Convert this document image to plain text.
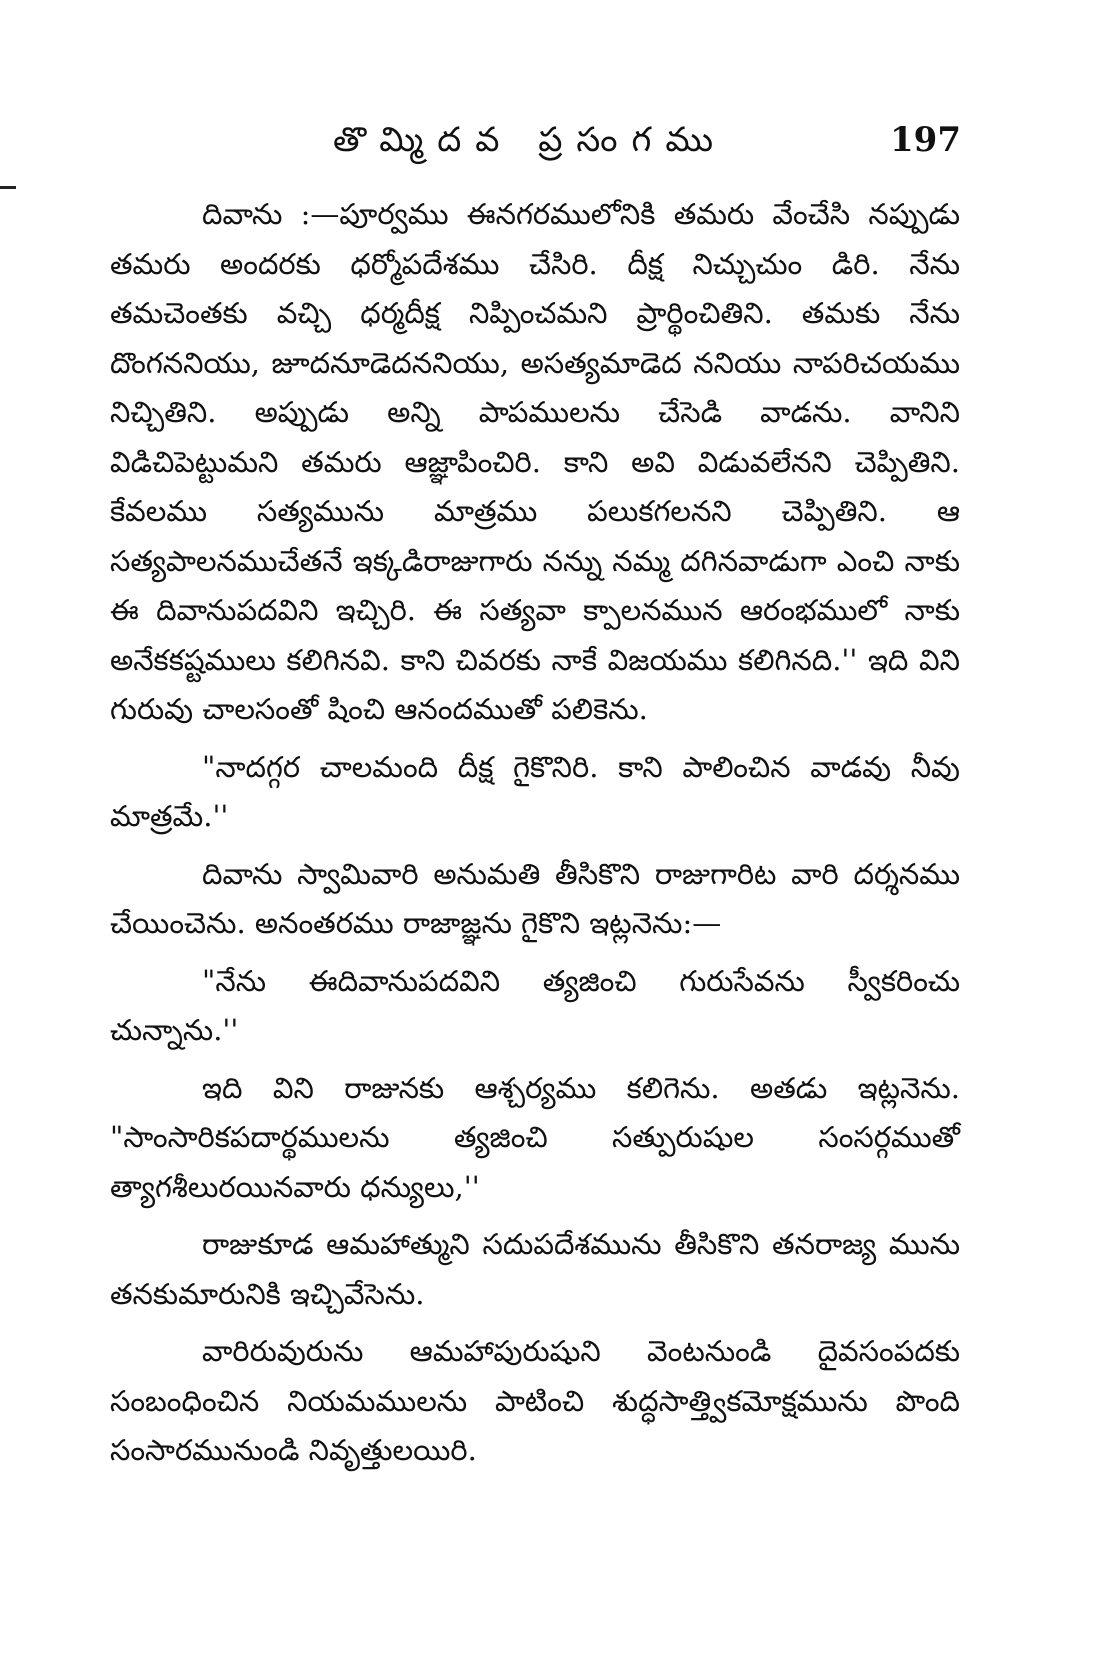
తొమ్మిదవ ప్రసంగము	197

దివాను :—పూర్వము ఈనగరములోనికి తమరు వేంచేసి నప్పుడు తమరు అందరకు ధర్మోపదేశము చేసిరి. దీక్ష నిచ్చుచుం డిరి. నేను తమచెంతకు వచ్చి ధర్మదీక్ష నిప్పించమని ప్రార్థించితిని. తమకు నేను దొంగననియు, జూదనూడెదననియు, అసత్యమాడెద ననియు నాపరిచయము నిచ్చితిని. అప్పుడు అన్ని పాపములను చేసెడి వాడను. వానిని విడిచిపెట్టుమని తమరు ఆజ్ఞాపించిరి. కాని అవి విడువలేనని చెప్పితిని. కేవలము సత్యమును మాత్రము పలుకగలనని చెప్పితిని. ఆ సత్యపాలనముచేతనే ఇక్కడిరాజుగారు నన్ను నమ్మ దగినవాడుగా ఎంచి నాకు ఈ దివానుపదవిని ఇచ్చిరి. ఈ సత్యవా క్పాలనమున ఆరంభములో నాకు అనేకకష్టములు కలిగినవి. కాని చివరకు నాకే విజయము కలిగినది.'' ఇది విని గురువు చాలసంతో షించి ఆనందముతో పలికెను.

"నాదగ్గర చాలమంది దీక్ష గైకొనిరి. కాని పాలించిన వాడవు నీవు మాత్రమే.''

దివాను స్వామివారి అనుమతి తీసికొని రాజుగారిట వారి దర్శనము చేయించెను. అనంతరము రాజాజ్ఞను గైకొని ఇట్లనెను:—

"నేను ఈదివానుపదవిని త్యజించి గురుసేవను స్వీకరించు చున్నాను.''

ఇది విని రాజునకు ఆశ్చర్యము కలిగెను. అతడు ఇట్లనెను. "సాంసారికపదార్థములను త్యజించి సత్పురుషుల సంసర్గముతో త్యాగశీలురయినవారు ధన్యులు,''

రాజుకూడ ఆమహాత్ముని సదుపదేశమును తీసికొని తనరాజ్య మును తనకుమారునికి ఇచ్చివేసెను.

వారిరువురును ఆమహాపురుషుని వెంటనుండి దైవసంపదకు సంబంధించిన నియమములను పాటించి శుద్ధసాత్త్వికమోక్షమును పొంది సంసారమునుండి నివృత్తులయిరి.
